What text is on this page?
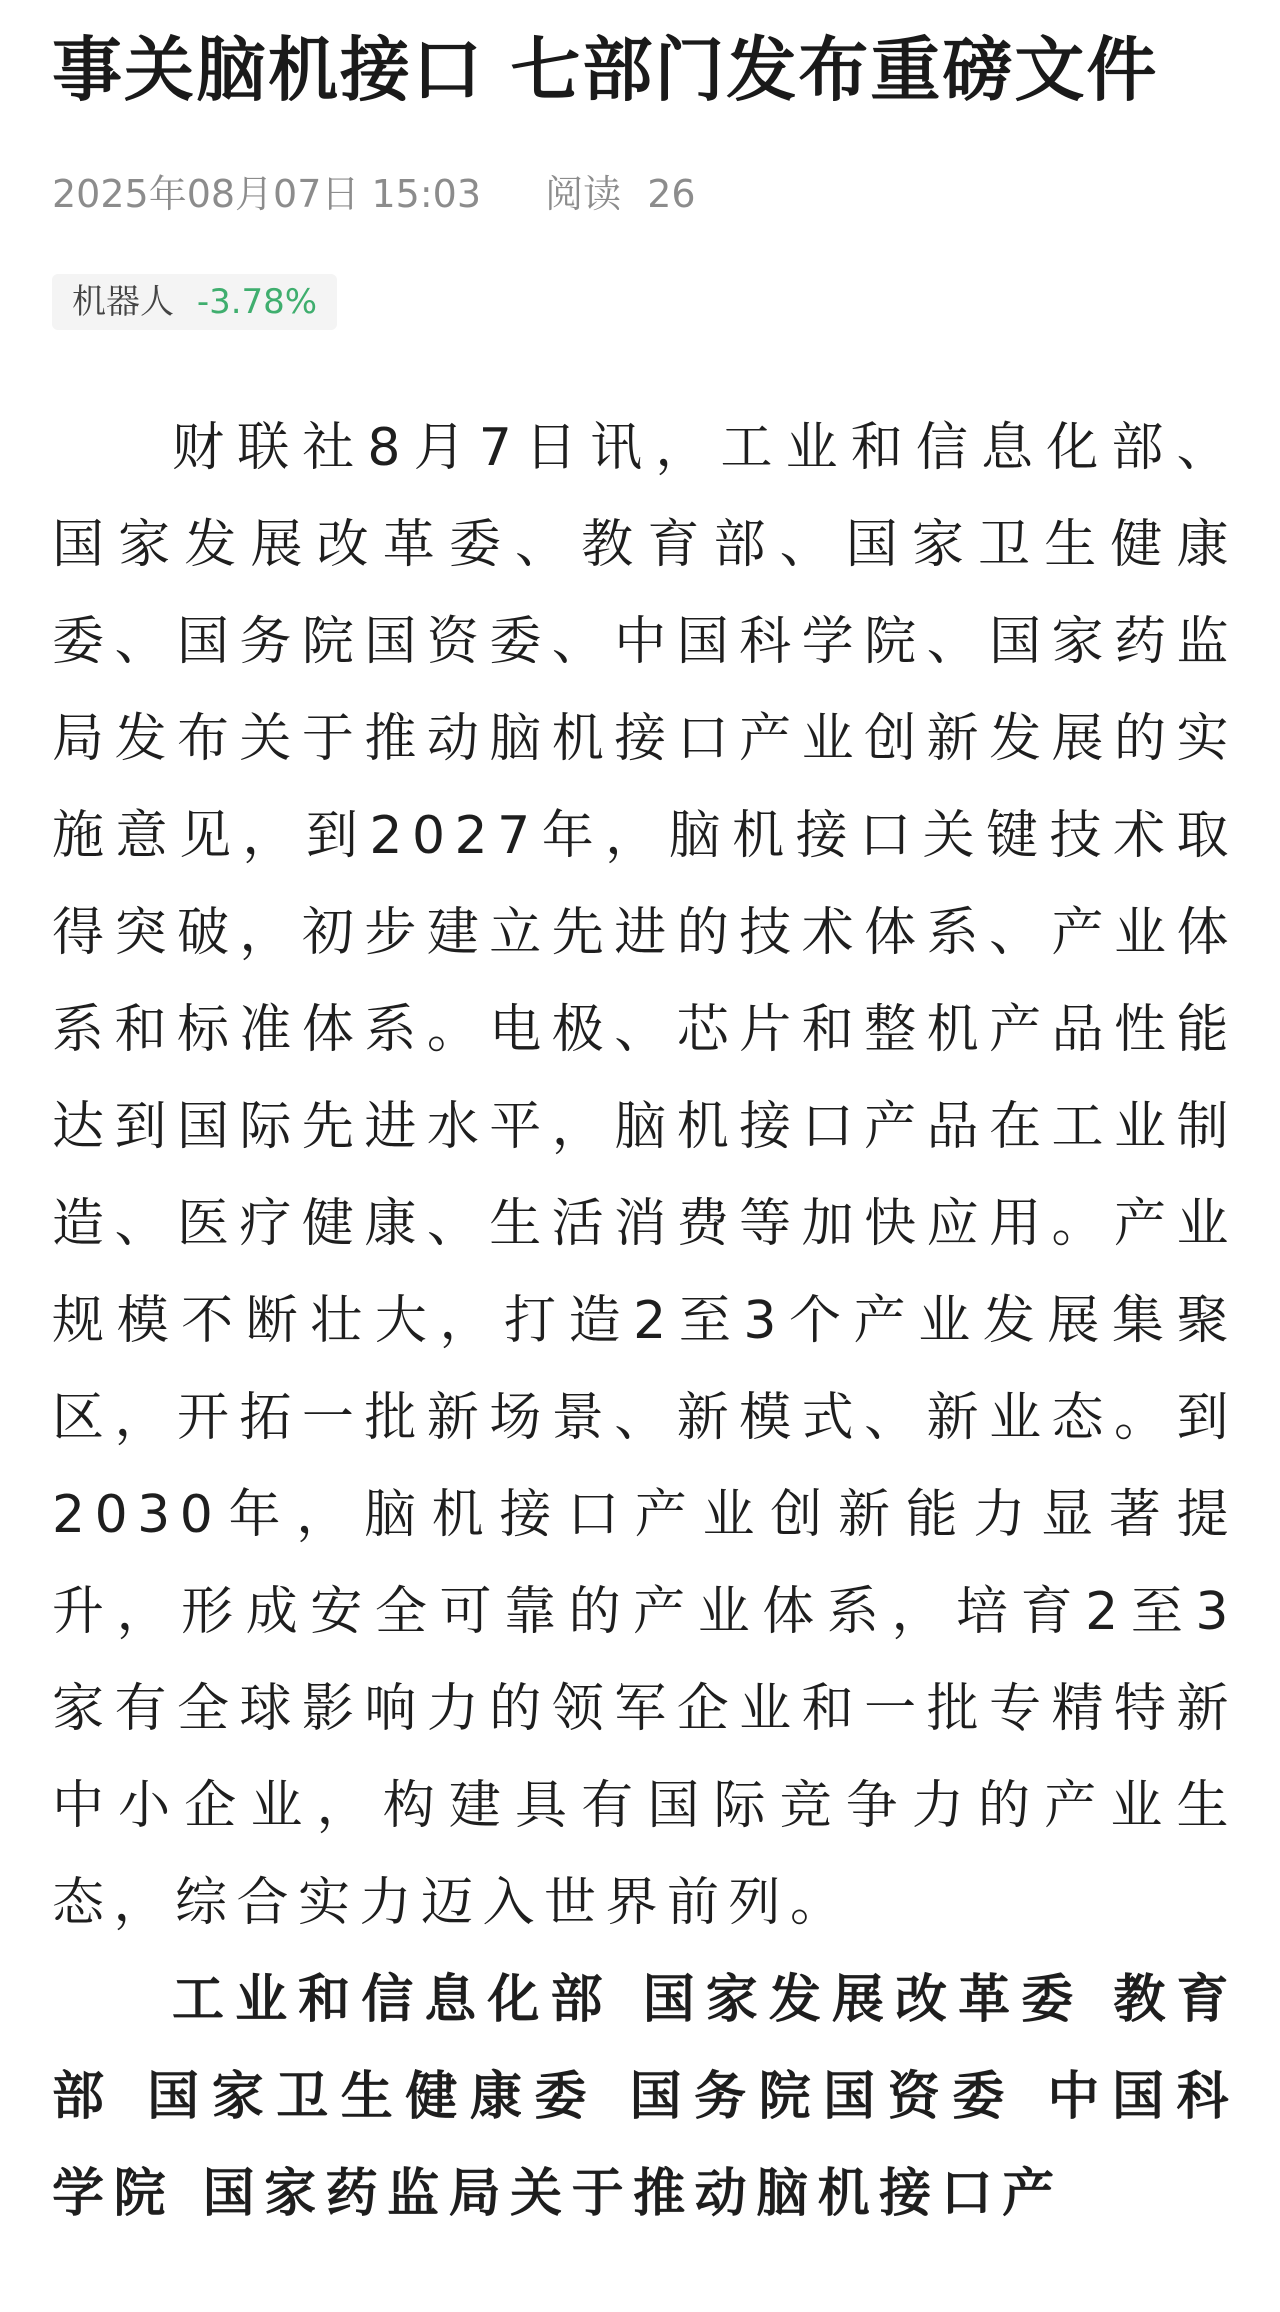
事关脑机接口 七部门发布重磅文件
2025年08月07日 15:03 阅读 26
机器人 -3.78%

财联社8月7日讯，工业和信息化部、国家发展改革委、教育部、国家卫生健康委、国务院国资委、中国科学院、国家药监局发布关于推动脑机接口产业创新发展的实施意见，到2027年，脑机接口关键技术取得突破，初步建立先进的技术体系、产业体系和标准体系。电极、芯片和整机产品性能达到国际先进水平，脑机接口产品在工业制造、医疗健康、生活消费等加快应用。产业规模不断壮大，打造2至3个产业发展集聚区，开拓一批新场景、新模式、新业态。到2030年，脑机接口产业创新能力显著提升，形成安全可靠的产业体系，培育2至3家有全球影响力的领军企业和一批专精特新中小企业，构建具有国际竞争力的产业生态，综合实力迈入世界前列。

工业和信息化部 国家发展改革委 教育部 国家卫生健康委 国务院国资委 中国科学院 国家药监局关于推动脑机接口产
